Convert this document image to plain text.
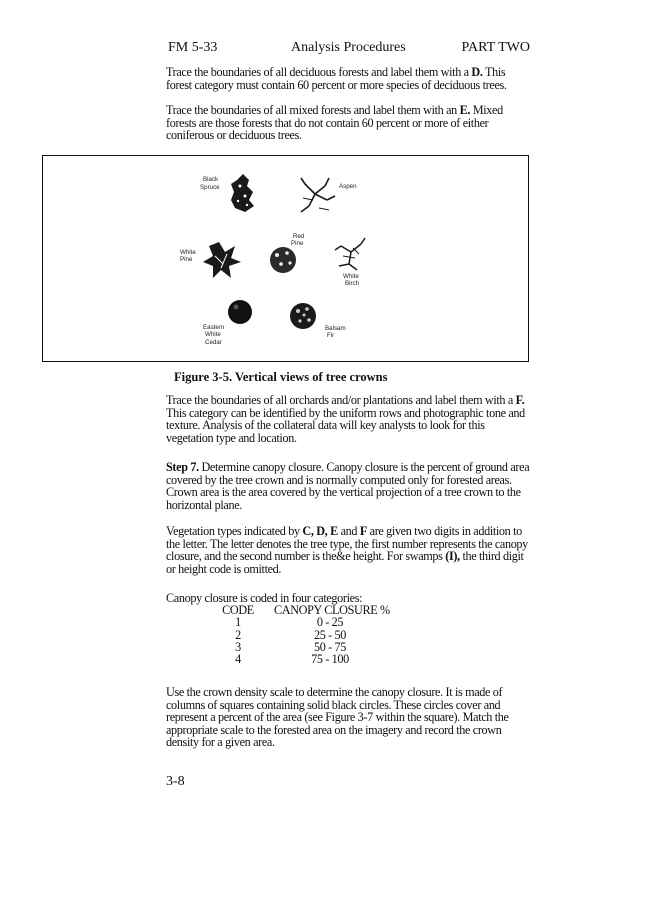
FM 5-33	Analysis Procedures	PART TWO

Trace the boundaries of all deciduous forests and label them with a D. This forest category must contain 60 percent or more species of deciduous trees.

Trace the boundaries of all mixed forests and label them with an E. Mixed forests are those forests that do not contain 60 percent or more of either coniferous or deciduous trees.

Black
Spruce	Aspen
Red
Pine
White
Pine
White
Birch
Eastern
White
Cedar
Balsam
Fir
Figure 3-5. Vertical views of tree crowns

Trace the boundaries of all orchards and/or plantations and label them with a F. This category can be identified by the uniform rows and photographic tone and texture. Analysis of the collateral data will key analysts to look for this vegetation type and location.

Step 7. Determine canopy closure. Canopy closure is the percent of ground area covered by the tree crown and is normally computed only for forested areas. Crown area is the area covered by the vertical projection of a tree crown to the horizontal plane.

Vegetation types indicated by C, D, E and F are given two digits in addition to the letter. The letter denotes the tree type, the first number represents the canopy closure, and the second number is the&e height. For swamps (I), the third digit or height code is omitted.

Canopy closure is coded in four categories:

CODE	CANOPY CLOSURE %
1	0 - 25
2	25 - 50
3	50 - 75
4	75 - 100

Use the crown density scale to determine the canopy closure. It is made of columns of squares containing solid black circles. These circles cover and represent a percent of the area (see Figure 3-7 within the square). Match the appropriate scale to the forested area on the imagery and record the crown density for a given area.

3-8
